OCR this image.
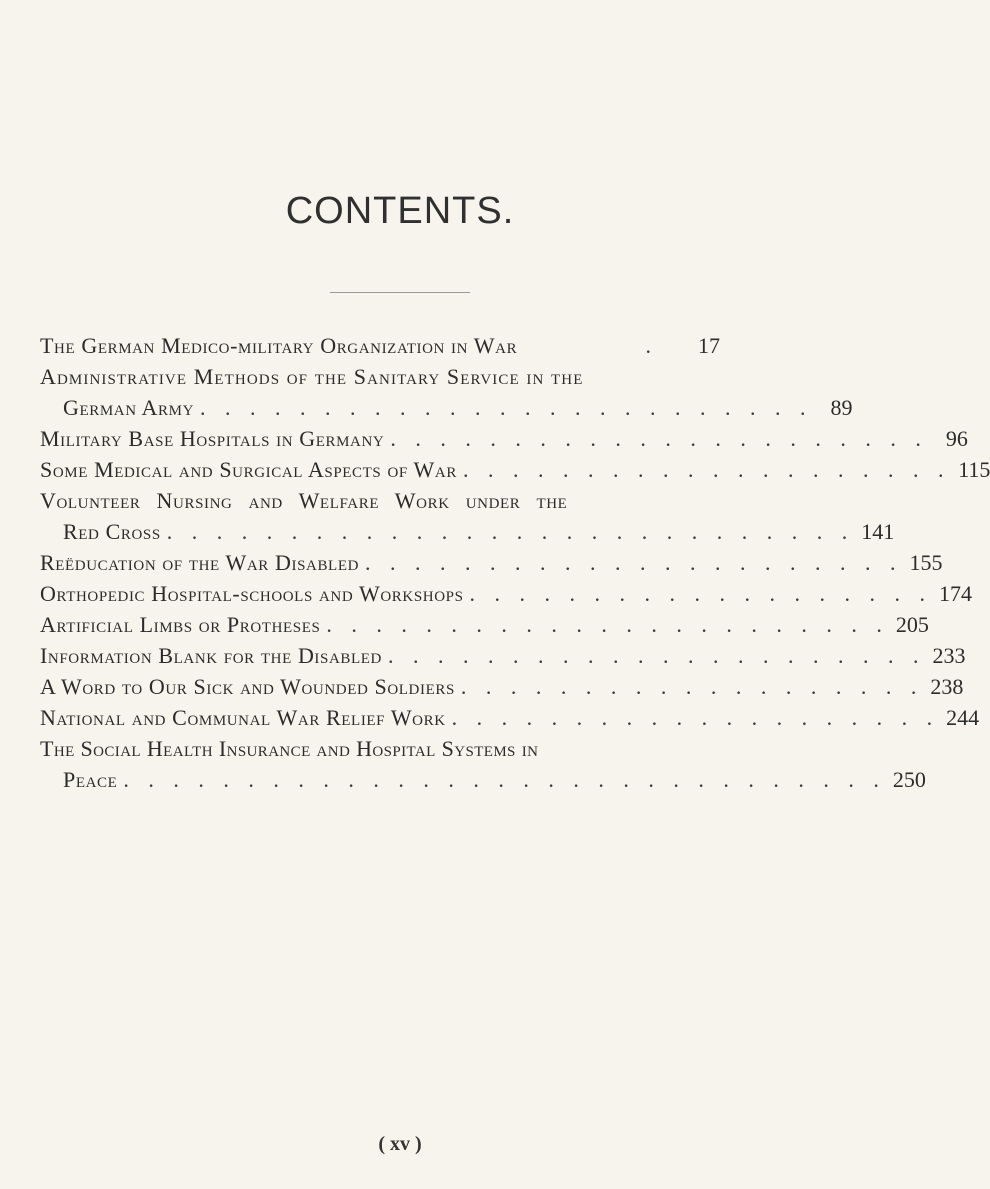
CONTENTS.
The German Medico-military Organization in War	.	17
Administrative Methods of the Sanitary Service in the
German Army . . . . . . . . . . . . . . . . . . . . . . . . . 89
Military Base Hospitals in Germany . . . . . . . . . . . . . . . . . . . . . . 96
Some Medical and Surgical Aspects of War . . . . . . . . . . . . . . . . . . . . 115
Volunteer Nursing and Welfare Work under the
Red Cross . . . . . . . . . . . . . . . . . . . . . . . . . . . . 141
Reëducation of the War Disabled . . . . . . . . . . . . . . . . . . . . . . 155
Orthopedic Hospital-schools and Workshops . . . . . . . . . . . . . . . . . . . 174
Artificial Limbs or Protheses . . . . . . . . . . . . . . . . . . . . . . . 205
Information Blank for the Disabled . . . . . . . . . . . . . . . . . . . . . . 233
A Word to Our Sick and Wounded Soldiers . . . . . . . . . . . . . . . . . . . 238
National and Communal War Relief Work . . . . . . . . . . . . . . . . . . . . 244
The Social Health Insurance and Hospital Systems in
Peace . . . . . . . . . . . . . . . . . . . . . . . . . . . . . . . 250
( xv )
